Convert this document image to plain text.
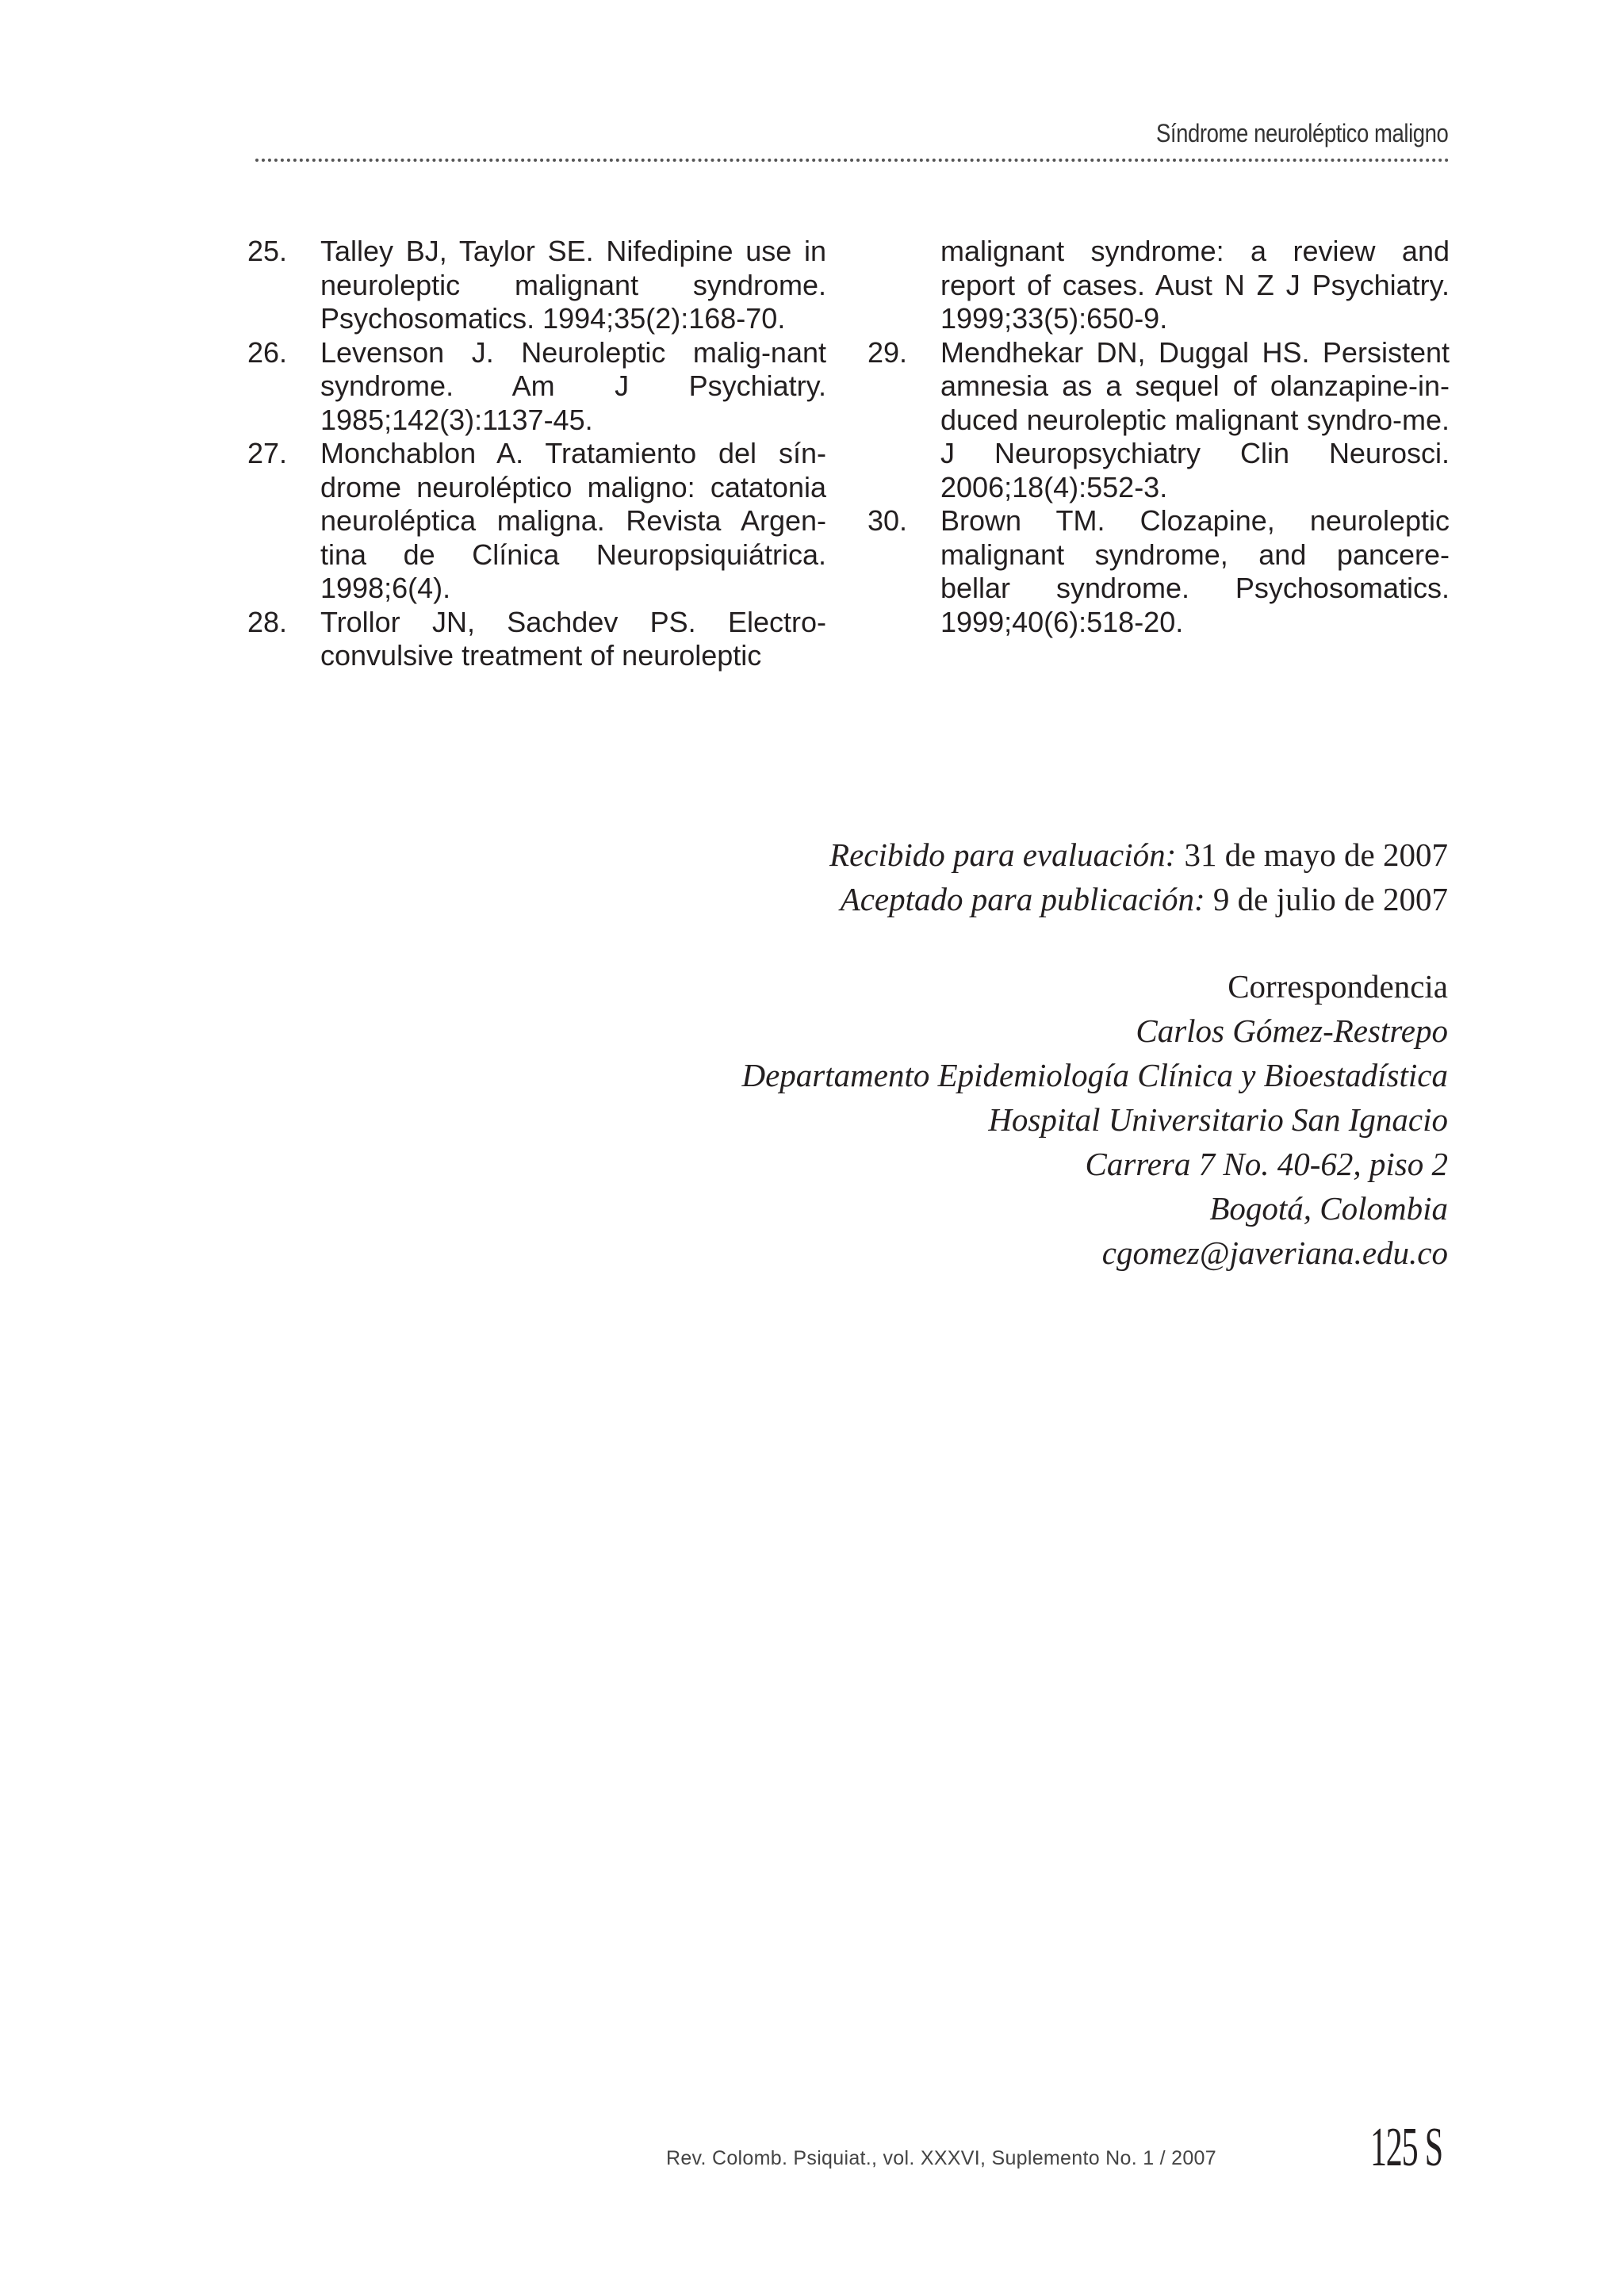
Síndrome neuroléptico maligno
25. Talley BJ, Taylor SE. Nifedipine use in neuroleptic malignant syndrome. Psychosomatics. 1994;35(2):168-70.
26. Levenson J. Neuroleptic malig-nant syndrome. Am J Psychiatry. 1985;142(3):1137-45.
27. Monchablon A. Tratamiento del sín-drome neuroléptico maligno: catatonia neuroléptica maligna. Revista Argen-tina de Clínica Neuropsiquiátrica. 1998;6(4).
28. Trollor JN, Sachdev PS. Electro-convulsive treatment of neuroleptic
malignant syndrome: a review and report of cases. Aust N Z J Psychiatry. 1999;33(5):650-9.
29. Mendhekar DN, Duggal HS. Persistent amnesia as a sequel of olanzapine-in-duced neuroleptic malignant syndro-me. J Neuropsychiatry Clin Neurosci. 2006;18(4):552-3.
30. Brown TM. Clozapine, neuroleptic malignant syndrome, and pancere-bellar syndrome. Psychosomatics. 1999;40(6):518-20.
Recibido para evaluación: 31 de mayo de 2007
Aceptado para publicación: 9 de julio de 2007
Correspondencia
Carlos Gómez-Restrepo
Departamento Epidemiología Clínica y Bioestadística
Hospital Universitario San Ignacio
Carrera 7 No. 40-62, piso 2
Bogotá, Colombia
cgomez@javeriana.edu.co
Rev. Colomb. Psiquiat., vol. XXXVI, Suplemento No. 1 / 2007	125 S
